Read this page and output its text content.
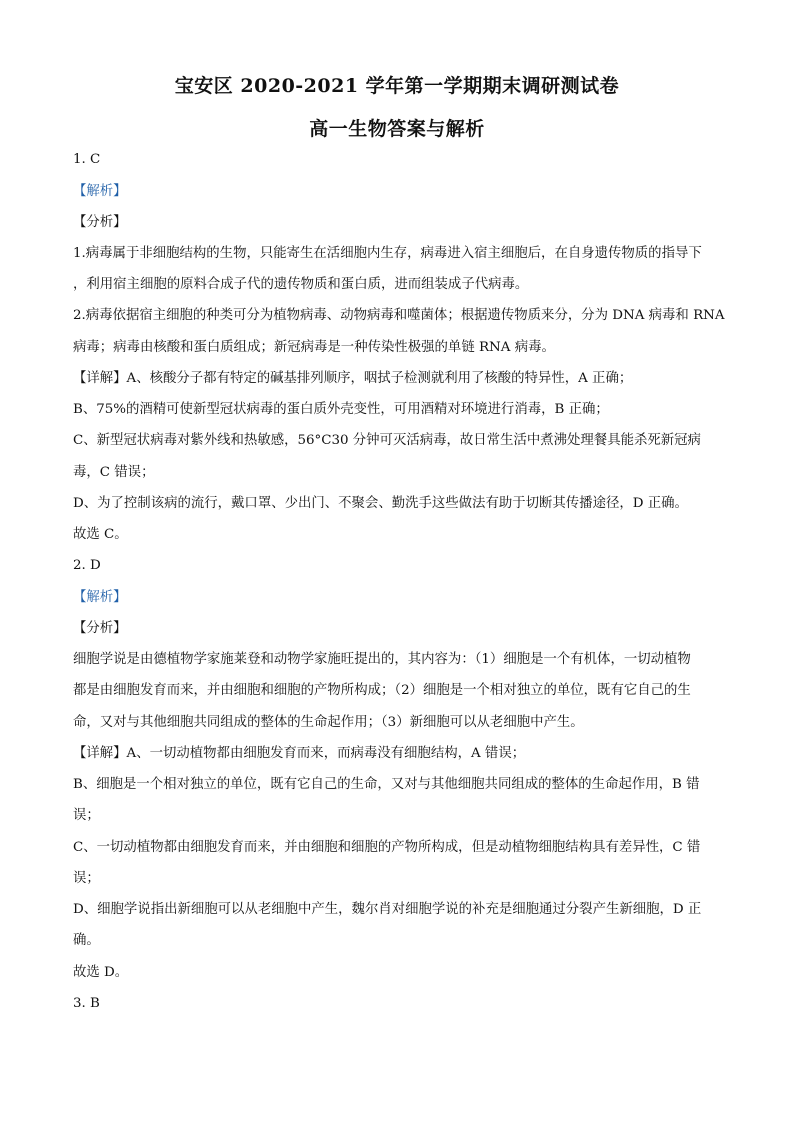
宝安区 2020-2021 学年第一学期期末调研测试卷
高一生物答案与解析
1. C
【解析】
【分析】
1.病毒属于非细胞结构的生物，只能寄生在活细胞内生存，病毒进入宿主细胞后，在自身遗传物质的指导下
，利用宿主细胞的原料合成子代的遗传物质和蛋白质，进而组装成子代病毒。
2.病毒依据宿主细胞的种类可分为植物病毒、动物病毒和噬菌体；根据遗传物质来分，分为 DNA 病毒和 RNA
病毒；病毒由核酸和蛋白质组成；新冠病毒是一种传染性极强的单链 RNA 病毒。
【详解】A、核酸分子都有特定的碱基排列顺序，咽拭子检测就利用了核酸的特异性，A 正确；
B、75%的酒精可使新型冠状病毒的蛋白质外壳变性，可用酒精对环境进行消毒，B 正确；
C、新型冠状病毒对紫外线和热敏感，56°C30 分钟可灭活病毒，故日常生活中煮沸处理餐具能杀死新冠病
毒，C 错误；
D、为了控制该病的流行，戴口罩、少出门、不聚会、勤洗手这些做法有助于切断其传播途径，D 正确。
故选 C。
2. D
【解析】
【分析】
细胞学说是由德植物学家施莱登和动物学家施旺提出的，其内容为：（1）细胞是一个有机体，一切动植物
都是由细胞发育而来，并由细胞和细胞的产物所构成；（2）细胞是一个相对独立的单位，既有它自己的生
命，又对与其他细胞共同组成的整体的生命起作用；（3）新细胞可以从老细胞中产生。
【详解】A、一切动植物都由细胞发育而来，而病毒没有细胞结构，A 错误；
B、细胞是一个相对独立的单位，既有它自己的生命，又对与其他细胞共同组成的整体的生命起作用，B 错
误；
C、一切动植物都由细胞发育而来，并由细胞和细胞的产物所构成，但是动植物细胞结构具有差异性，C 错
误；
D、细胞学说指出新细胞可以从老细胞中产生，魏尔肖对细胞学说的补充是细胞通过分裂产生新细胞，D 正
确。
故选 D。
3. B
